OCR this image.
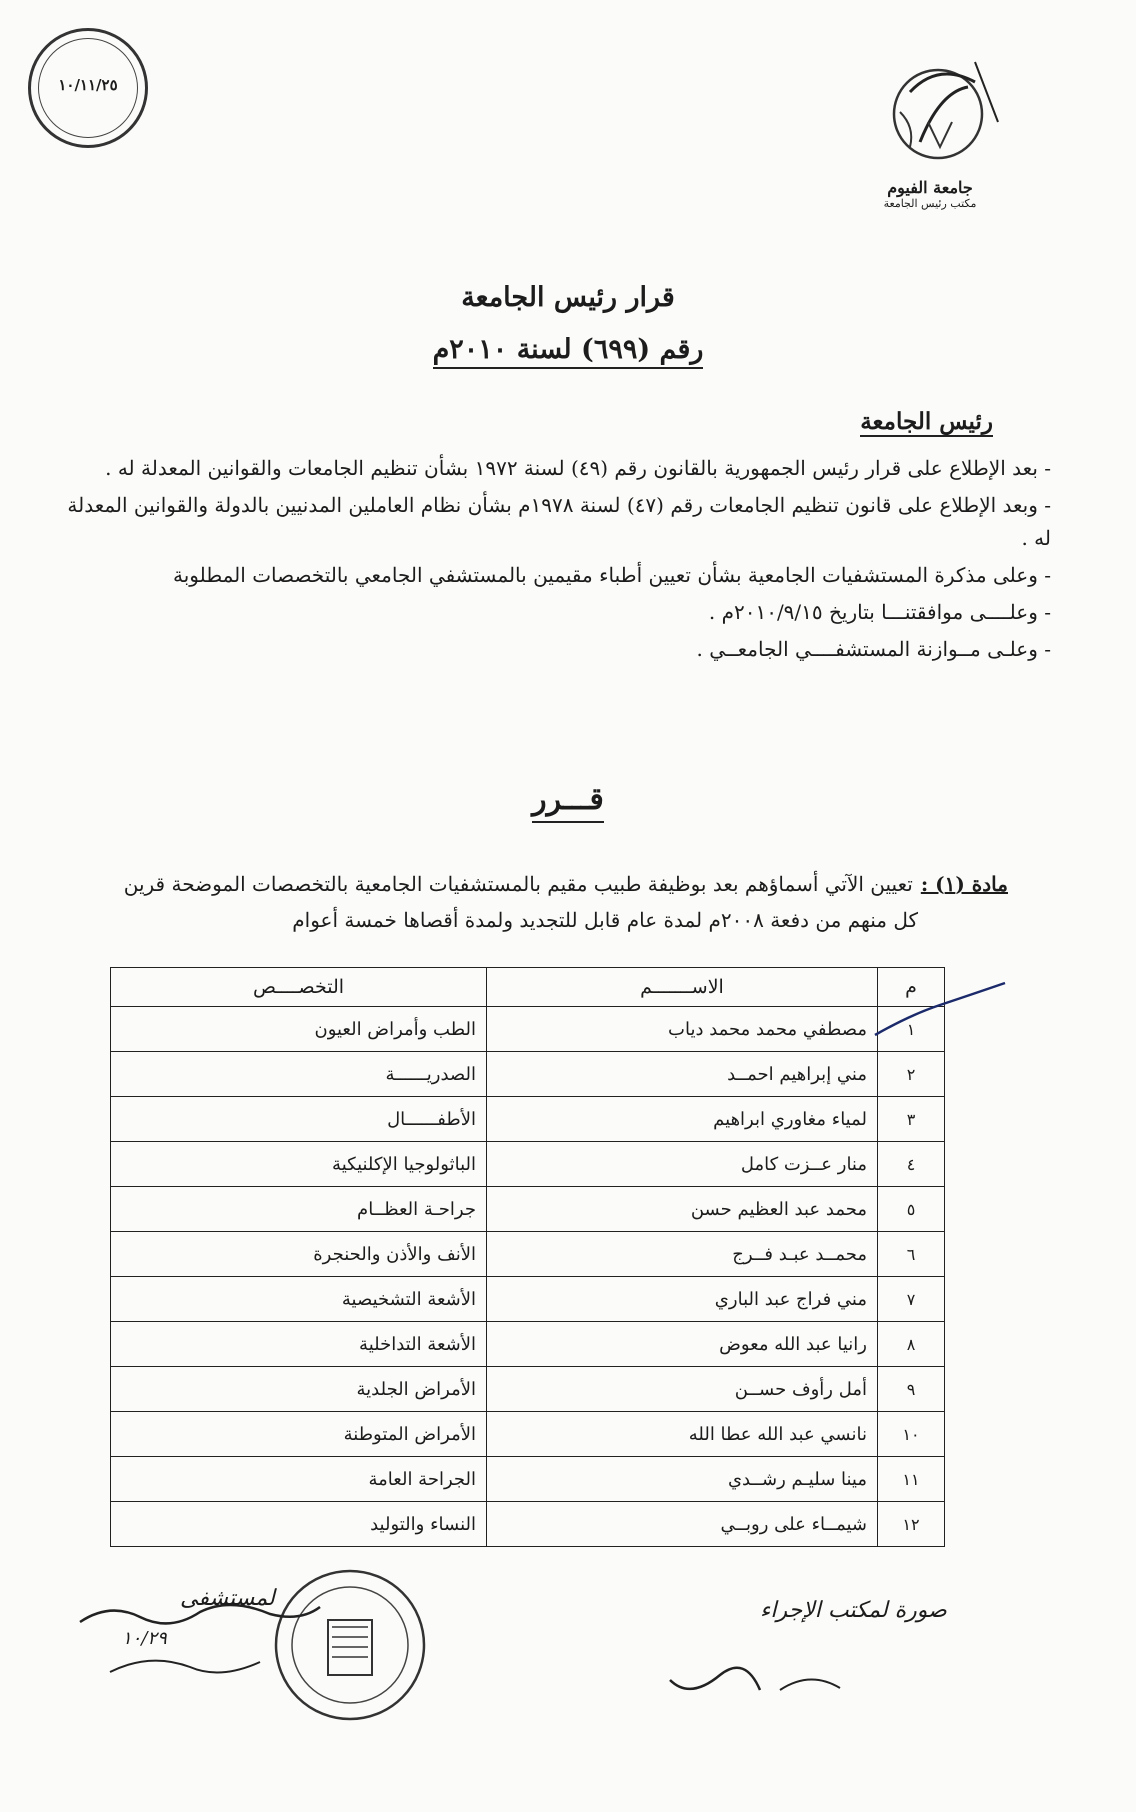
١٠/١١/٢٥
جامعة الفيوم
مكتب رئيس الجامعة
قرار رئيس الجامعة
رقم (٦٩٩) لسنة ٢٠١٠م
رئيس الجامعة
- بعد الإطلاع على قرار رئيس الجمهورية بالقانون رقم (٤٩) لسنة ١٩٧٢ بشأن تنظيم الجامعات والقوانين المعدلة له .
- وبعد الإطلاع على قانون تنظيم الجامعات رقم (٤٧) لسنة ١٩٧٨م بشأن نظام العاملين المدنيين بالدولة والقوانين المعدلة له .
- وعلى مذكرة المستشفيات الجامعية بشأن تعيين أطباء مقيمين بالمستشفي الجامعي بالتخصصات المطلوبة
- وعلــــى موافقتنـــا بتاريخ ٢٠١٠/٩/١٥م .
- وعلـى مــوازنة المستشفــــي الجامعــي .
قـــرر
مادة (١) :تعيين الآتي أسماؤهم بعد بوظيفة طبيب مقيم بالمستشفيات الجامعية بالتخصصات الموضحة قرين
كل منهم من دفعة ٢٠٠٨م لمدة عام قابل للتجديد ولمدة أقصاها خمسة أعوام
م	الاســـــــم	التخصــــص
١	مصطفي محمد محمد دياب	الطب وأمراض العيون
٢	مني إبراهيم احمــد	الصدريــــــة
٣	لمياء مغاوري ابراهيم	الأطفــــــال
٤	منار عــزت كامل	الباثولوجيا الإكلنيكية
٥	محمد عبد العظيم حسن	جراحـة العظــام
٦	محمــد عبـد فــرج	الأنف والأذن والحنجرة
٧	مني فراج عبد الباري	الأشعة التشخيصية
٨	رانيا عبد الله معوض	الأشعة التداخلية
٩	أمل رأوف حســن	الأمراض الجلدية
١٠	نانسي عبد الله عطا الله	الأمراض المتوطنة
١١	مينا سليـم رشــدي	الجراحة العامة
١٢	شيمــاء على روبــي	النساء والتوليد
١٠/٢٩
لمستشفى	صورة لمكتب الإجراء
